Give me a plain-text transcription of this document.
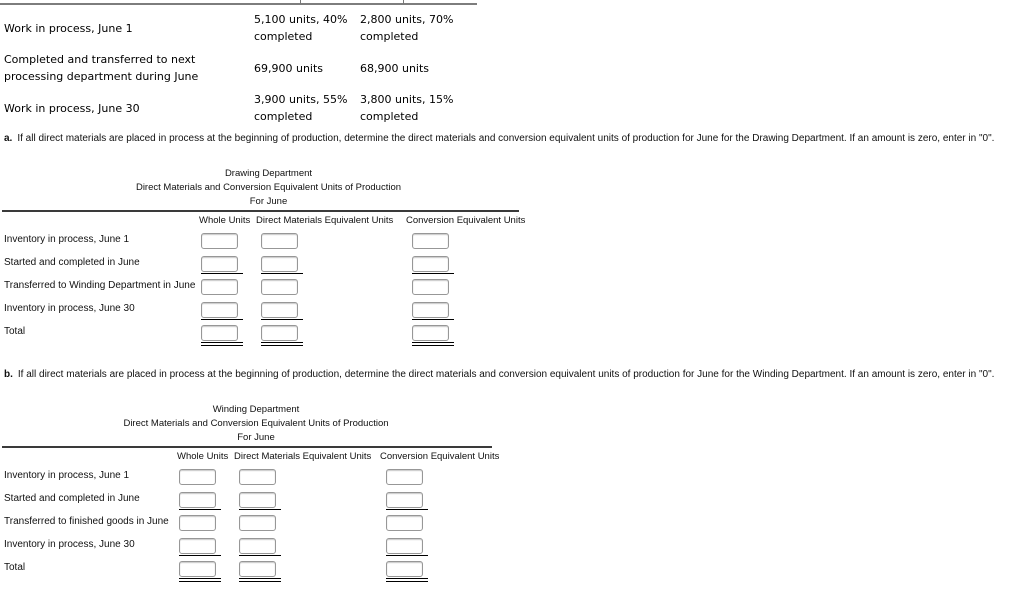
Work in process, June 1
5,100 units, 40%
completed
2,800 units, 70%
completed
Completed and transferred to next processing department during June
69,900 units	68,900 units
Work in process, June 30
3,900 units, 55%
completed
3,800 units, 15%
completed
a. If all direct materials are placed in process at the beginning of production, determine the direct materials and conversion equivalent units of production for June for the Drawing Department. If an amount is zero, enter in "0".
Drawing Department
Direct Materials and Conversion Equivalent Units of Production
For June
Whole Units Direct Materials Equivalent Units	Conversion Equivalent Units
Inventory in process, June 1
Started and completed in June
Transferred to Winding Department in June
Inventory in process, June 30
Total
b. If all direct materials are placed in process at the beginning of production, determine the direct materials and conversion equivalent units of production for June for the Winding Department. If an amount is zero, enter in "0".
Winding Department
Direct Materials and Conversion Equivalent Units of Production
For June
Whole Units Direct Materials Equivalent Units Conversion Equivalent Units
Inventory in process, June 1
Started and completed in June
Transferred to finished goods in June
Inventory in process, June 30
Total
